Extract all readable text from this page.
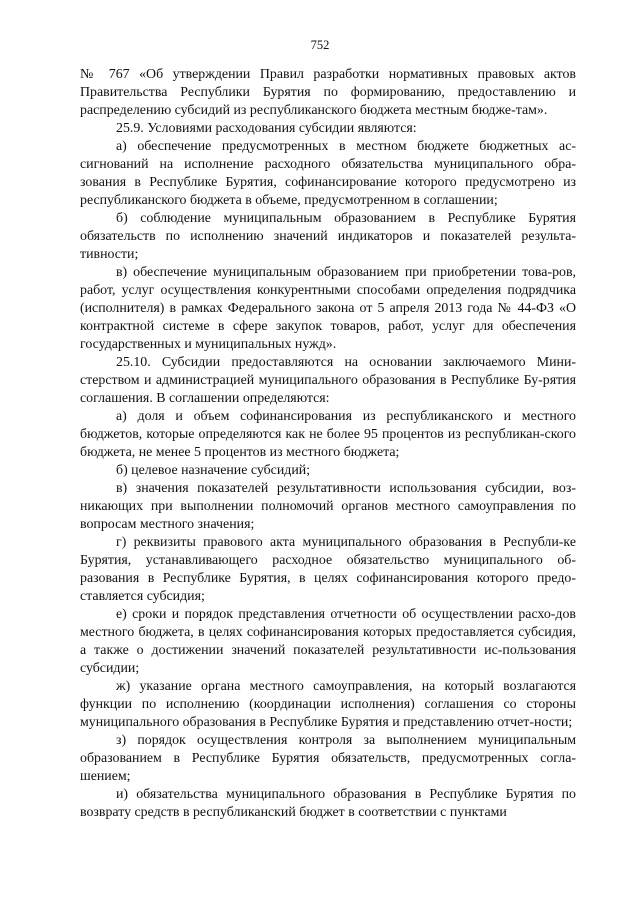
752

№ 767 «Об утверждении Правил разработки нормативных правовых актов Правительства Республики Бурятия по формированию, предоставлению и распределению субсидий из республиканского бюджета местным бюдже-там».

25.9. Условиями расходования субсидии являются:

а) обеспечение предусмотренных в местном бюджете бюджетных ас-сигнований на исполнение расходного обязательства муниципального обра-зования в Республике Бурятия, софинансирование которого предусмотрено из республиканского бюджета в объеме, предусмотренном в соглашении;

б) соблюдение муниципальным образованием в Республике Бурятия обязательств по исполнению значений индикаторов и показателей результа-тивности;

в) обеспечение муниципальным образованием при приобретении това-ров, работ, услуг осуществления конкурентными способами определения подрядчика (исполнителя) в рамках Федерального закона от 5 апреля 2013 года № 44-ФЗ «О контрактной системе в сфере закупок товаров, работ, услуг для обеспечения государственных и муниципальных нужд».

25.10. Субсидии предоставляются на основании заключаемого Мини-стерством и администрацией муниципального образования в Республике Бу-рятия соглашения. В соглашении определяются:

а) доля и объем софинансирования из республиканского и местного бюджетов, которые определяются как не более 95 процентов из республикан-ского бюджета, не менее 5 процентов из местного бюджета;

б) целевое назначение субсидий;

в) значения показателей результативности использования субсидии, воз-никающих при выполнении полномочий органов местного самоуправления по вопросам местного значения;

г) реквизиты правового акта муниципального образования в Республи-ке Бурятия, устанавливающего расходное обязательство муниципального об-разования в Республике Бурятия, в целях софинансирования которого предо-ставляется субсидия;

е) сроки и порядок представления отчетности об осуществлении расхо-дов местного бюджета, в целях софинансирования которых предоставляется субсидия, а также о достижении значений показателей результативности ис-пользования субсидии;

ж) указание органа местного самоуправления, на который возлагаются функции по исполнению (координации исполнения) соглашения со стороны муниципального образования в Республике Бурятия и представлению отчет-ности;

з) порядок осуществления контроля за выполнением муниципальным образованием в Республике Бурятия обязательств, предусмотренных согла-шением;

и) обязательства муниципального образования в Республике Бурятия по возврату средств в республиканский бюджет в соответствии с пунктами
